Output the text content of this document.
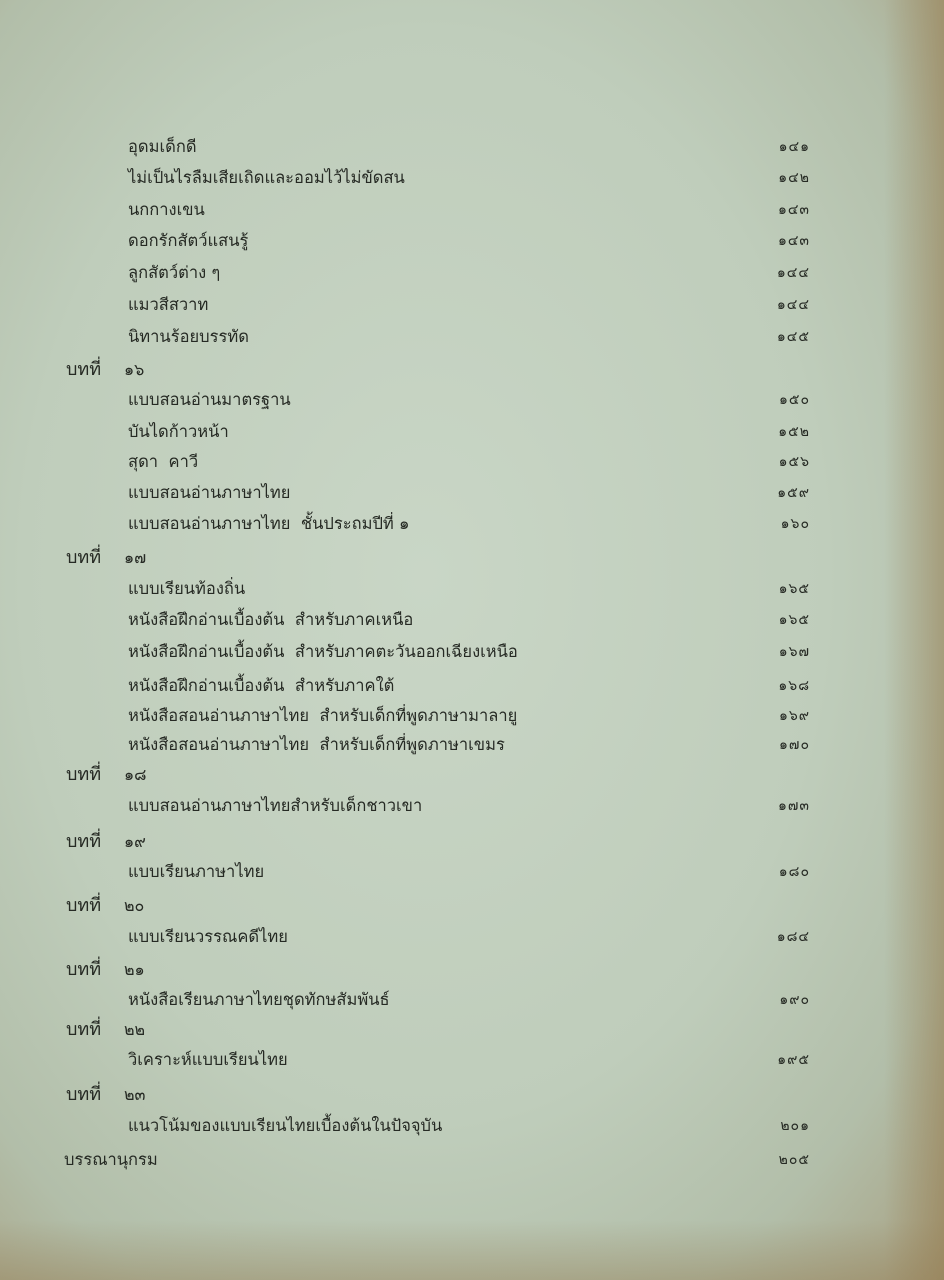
อุดมเด็กดี	๑๔๑
ไม่เป็นไรลืมเสียเถิดและออมไว้ไม่ขัดสน	๑๔๒
นกกางเขน	๑๔๓
ดอกรักสัตว์แสนรู้	๑๔๓
ลูกสัตว์ต่าง ๆ	๑๔๔
แมวสีสวาท	๑๔๔
นิทานร้อยบรรทัด	๑๔๕
บทที่ ๑๖
แบบสอนอ่านมาตรฐาน	๑๕๐
บันไดก้าวหน้า	๑๕๒
สุดา  คาวี	๑๕๖
แบบสอนอ่านภาษาไทย	๑๕๙
แบบสอนอ่านภาษาไทย  ชั้นประถมปีที่ ๑	๑๖๐
บทที่ ๑๗
แบบเรียนท้องถิ่น	๑๖๕
หนังสือฝึกอ่านเบื้องต้น  สำหรับภาคเหนือ	๑๖๕
หนังสือฝึกอ่านเบื้องต้น  สำหรับภาคตะวันออกเฉียงเหนือ	๑๖๗
หนังสือฝึกอ่านเบื้องต้น  สำหรับภาคใต้	๑๖๘
หนังสือสอนอ่านภาษาไทย  สำหรับเด็กที่พูดภาษามาลายู	๑๖๙
หนังสือสอนอ่านภาษาไทย  สำหรับเด็กที่พูดภาษาเขมร	๑๗๐
บทที่ ๑๘
แบบสอนอ่านภาษาไทยสำหรับเด็กชาวเขา	๑๗๓
บทที่ ๑๙
แบบเรียนภาษาไทย	๑๘๐
บทที่ ๒๐
แบบเรียนวรรณคดีไทย	๑๘๔
บทที่ ๒๑
หนังสือเรียนภาษาไทยชุดทักษสัมพันธ์	๑๙๐
บทที่ ๒๒
วิเคราะห์แบบเรียนไทย	๑๙๕
บทที่ ๒๓
แนวโน้มของแบบเรียนไทยเบื้องต้นในปัจจุบัน	๒๐๑
บรรณานุกรม	๒๐๕
